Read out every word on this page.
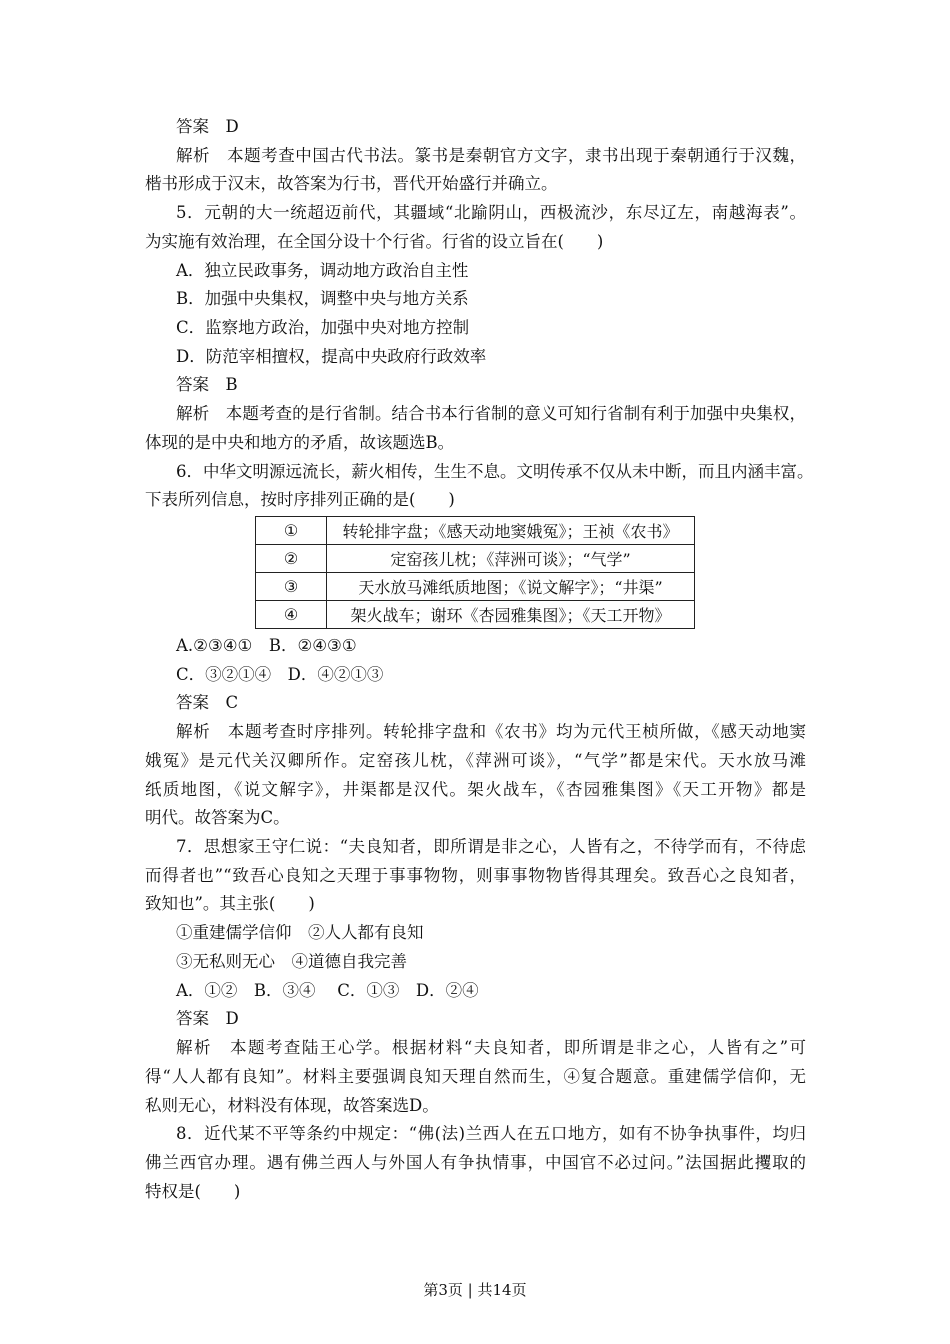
答案　D
解析　本题考查中国古代书法。篆书是秦朝官方文字，隶书出现于秦朝通行于汉魏，
楷书形成于汉末，故答案为行书，晋代开始盛行并确立。
5．元朝的大一统超迈前代，其疆域“北踰阴山，西极流沙，东尽辽左，南越海表”。
为实施有效治理，在全国分设十个行省。行省的设立旨在(　　)
A．独立民政事务，调动地方政治自主性
B．加强中央集权，调整中央与地方关系
C．监察地方政治，加强中央对地方控制
D．防范宰相擅权，提高中央政府行政效率
答案　B
解析　本题考查的是行省制。结合书本行省制的意义可知行省制有利于加强中央集权，
体现的是中央和地方的矛盾，故该题选B。
6．中华文明源远流长，薪火相传，生生不息。文明传承不仅从未中断，而且内涵丰富。
下表所列信息，按时序排列正确的是(　　)
①	转轮排字盘；《感天动地窦娥冤》；王祯《农书》
②	定窑孩儿枕；《萍洲可谈》；“气学”
③	天水放马滩纸质地图；《说文解字》；“井渠”
④	架火战车；谢环《杏园雅集图》；《天工开物》
A.②③④①　B．②④③①
C．③②①④　D．④②①③
答案　C
解析　本题考查时序排列。转轮排字盘和《农书》均为元代王桢所做，《感天动地窦
娥冤》是元代关汉卿所作。定窑孩儿枕，《萍洲可谈》，“气学”都是宋代。天水放马滩
纸质地图，《说文解字》，井渠都是汉代。架火战车，《杏园雅集图》《天工开物》都是
明代。故答案为C。
7．思想家王守仁说：“夫良知者，即所谓是非之心，人皆有之，不待学而有，不待虑
而得者也”“致吾心良知之天理于事事物物，则事事物物皆得其理矣。致吾心之良知者，
致知也”。其主张(　　)
①重建儒学信仰　②人人都有良知
③无私则无心　④道德自我完善
A．①②　B．③④　 C．①③　D．②④
答案　D
解析　本题考查陆王心学。根据材料“夫良知者，即所谓是非之心，人皆有之”可
得“人人都有良知”。材料主要强调良知天理自然而生，④复合题意。重建儒学信仰，无
私则无心，材料没有体现，故答案选D。
8．近代某不平等条约中规定：“佛(法)兰西人在五口地方，如有不协争执事件，均归
佛兰西官办理。遇有佛兰西人与外国人有争执情事，中国官不必过问。”法国据此攫取的
特权是(　　)
第3页 | 共14页
